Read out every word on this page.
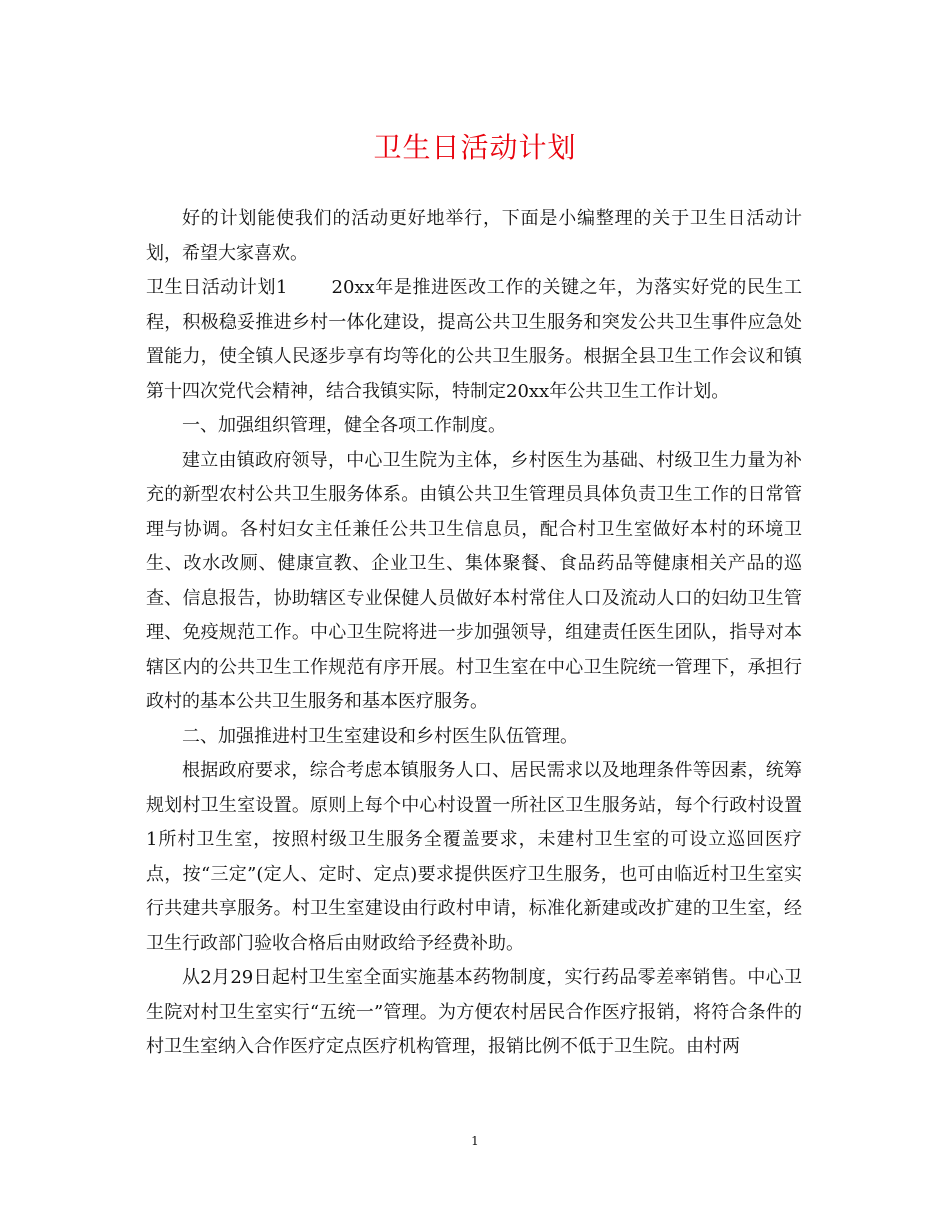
卫生日活动计划

好的计划能使我们的活动更好地举行，下面是小编整理的关于卫生日活动计划，希望大家喜欢。

卫生日活动计划1 20xx年是推进医改工作的关键之年，为落实好党的民生工程，积极稳妥推进乡村一体化建设，提高公共卫生服务和突发公共卫生事件应急处置能力，使全镇人民逐步享有均等化的公共卫生服务。根据全县卫生工作会议和镇第十四次党代会精神，结合我镇实际，特制定20xx年公共卫生工作计划。

一、加强组织管理，健全各项工作制度。

建立由镇政府领导，中心卫生院为主体，乡村医生为基础、村级卫生力量为补充的新型农村公共卫生服务体系。由镇公共卫生管理员具体负责卫生工作的日常管理与协调。各村妇女主任兼任公共卫生信息员，配合村卫生室做好本村的环境卫生、改水改厕、健康宣教、企业卫生、集体聚餐、食品药品等健康相关产品的巡查、信息报告，协助辖区专业保健人员做好本村常住人口及流动人口的妇幼卫生管理、免疫规范工作。中心卫生院将进一步加强领导，组建责任医生团队，指导对本辖区内的公共卫生工作规范有序开展。村卫生室在中心卫生院统一管理下，承担行政村的基本公共卫生服务和基本医疗服务。

二、加强推进村卫生室建设和乡村医生队伍管理。

根据政府要求，综合考虑本镇服务人口、居民需求以及地理条件等因素，统筹规划村卫生室设置。原则上每个中心村设置一所社区卫生服务站，每个行政村设置1所村卫生室，按照村级卫生服务全覆盖要求，未建村卫生室的可设立巡回医疗点，按“三定”(定人、定时、定点)要求提供医疗卫生服务，也可由临近村卫生室实行共建共享服务。村卫生室建设由行政村申请，标准化新建或改扩建的卫生室，经卫生行政部门验收合格后由财政给予经费补助。

从2月29日起村卫生室全面实施基本药物制度，实行药品零差率销售。中心卫生院对村卫生室实行“五统一”管理。为方便农村居民合作医疗报销，将符合条件的村卫生室纳入合作医疗定点医疗机构管理，报销比例不低于卫生院。由村两

1
